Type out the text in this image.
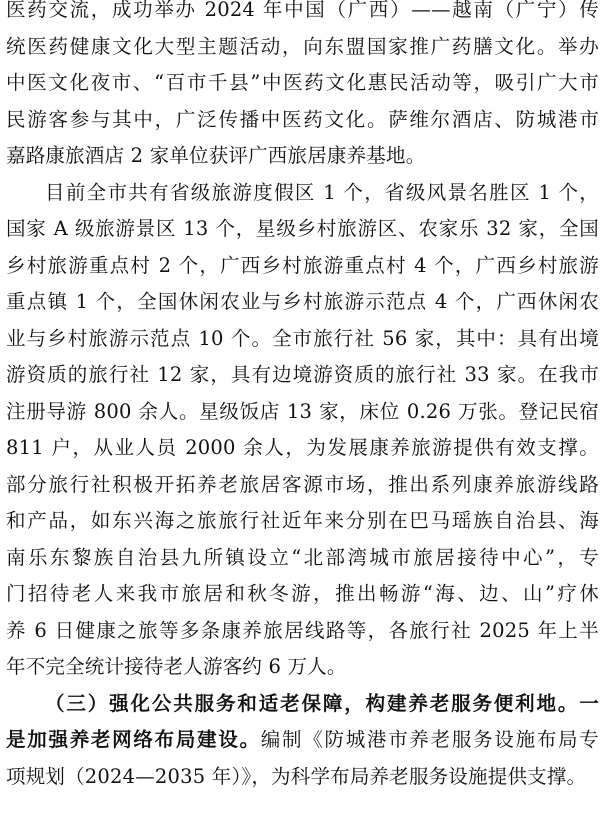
医药交流，成功举办 2024 年中国（广西）——越南（广宁）传
统医药健康文化大型主题活动，向东盟国家推广药膳文化。举办
中医文化夜市、“百市千县”中医药文化惠民活动等，吸引广大市
民游客参与其中，广泛传播中医药文化。萨维尔酒店、防城港市
嘉路康旅酒店 2 家单位获评广西旅居康养基地。
目前全市共有省级旅游度假区 1 个，省级风景名胜区 1 个，
国家 A 级旅游景区 13 个，星级乡村旅游区、农家乐 32 家，全国
乡村旅游重点村 2 个，广西乡村旅游重点村 4 个，广西乡村旅游
重点镇 1 个，全国休闲农业与乡村旅游示范点 4 个，广西休闲农
业与乡村旅游示范点 10 个。全市旅行社 56 家，其中：具有出境
游资质的旅行社 12 家，具有边境游资质的旅行社 33 家。在我市
注册导游 800 余人。星级饭店 13 家，床位 0.26 万张。登记民宿
811 户，从业人员 2000 余人，为发展康养旅游提供有效支撑。
部分旅行社积极开拓养老旅居客源市场，推出系列康养旅游线路
和产品，如东兴海之旅旅行社近年来分别在巴马瑶族自治县、海
南乐东黎族自治县九所镇设立“北部湾城市旅居接待中心”，专
门招待老人来我市旅居和秋冬游，推出畅游“海、边、山”疗休
养 6 日健康之旅等多条康养旅居线路等，各旅行社 2025 年上半
年不完全统计接待老人游客约 6 万人。
（三）强化公共服务和适老保障，构建养老服务便利地。一
是加强养老网络布局建设。编制《防城港市养老服务设施布局专
项规划（2024—2035 年）》，为科学布局养老服务设施提供支撑。
